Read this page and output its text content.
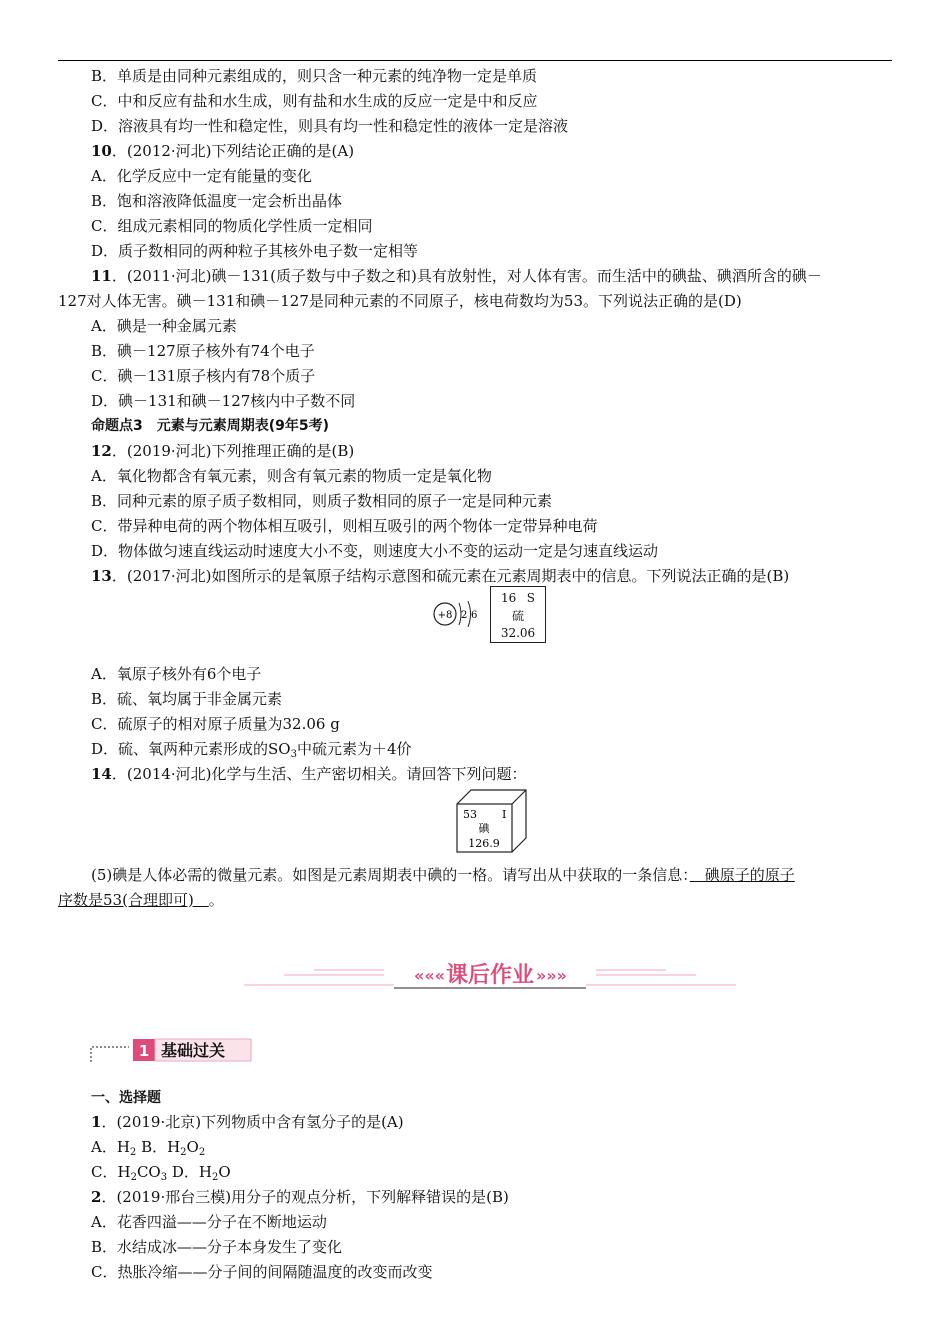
B．单质是由同种元素组成的，则只含一种元素的纯净物一定是单质
C．中和反应有盐和水生成，则有盐和水生成的反应一定是中和反应
D．溶液具有均一性和稳定性，则具有均一性和稳定性的液体一定是溶液
10．(2012·河北)下列结论正确的是(A)
A．化学反应中一定有能量的变化
B．饱和溶液降低温度一定会析出晶体
C．组成元素相同的物质化学性质一定相同
D．质子数相同的两种粒子其核外电子数一定相等
11．(2011·河北)碘－131(质子数与中子数之和)具有放射性，对人体有害。而生活中的碘盐、碘酒所含的碘－
127对人体无害。碘－131和碘－127是同种元素的不同原子，核电荷数均为53。下列说法正确的是(D)
A．碘是一种金属元素
B．碘－127原子核外有74个电子
C．碘－131原子核内有78个质子
D．碘－131和碘－127核内中子数不同
命题点3　元素与元素周期表(9年5考)
12．(2019·河北)下列推理正确的是(B)
A．氧化物都含有氧元素，则含有氧元素的物质一定是氧化物
B．同种元素的原子质子数相同，则质子数相同的原子一定是同种元素
C．带异种电荷的两个物体相互吸引，则相互吸引的两个物体一定带异种电荷
D．物体做匀速直线运动时速度大小不变，则速度大小不变的运动一定是匀速直线运动
13．(2017·河北)如图所示的是氧原子结构示意图和硫元素在元素周期表中的信息。下列说法正确的是(B)
+8 2 6
16 S
硫
32.06
A．氧原子核外有6个电子
B．硫、氧均属于非金属元素
C．硫原子的相对原子质量为32.06 g
D．硫、氧两种元素形成的$SO_3$中硫元素为＋4价
14．(2014·河北)化学与生活、生产密切相关。请回答下列问题：
53 I
碘
126.9
(5)碘是人体必需的微量元素。如图是元素周期表中碘的一格。请写出从中获取的一条信息：　碘原子的原子
序数是53(合理即可)　。
««« 课后作业 »»»
1 基础过关
一、选择题
1．(2019·北京)下列物质中含有氢分子的是(A)
A．$H_2$ B．$H_2O_2$
C．$H_2CO_3$ D．$H_2O$
2．(2019·邢台三模)用分子的观点分析，下列解释错误的是(B)
A．花香四溢——分子在不断地运动
B．水结成冰——分子本身发生了变化
C．热胀冷缩——分子间的间隔随温度的改变而改变
